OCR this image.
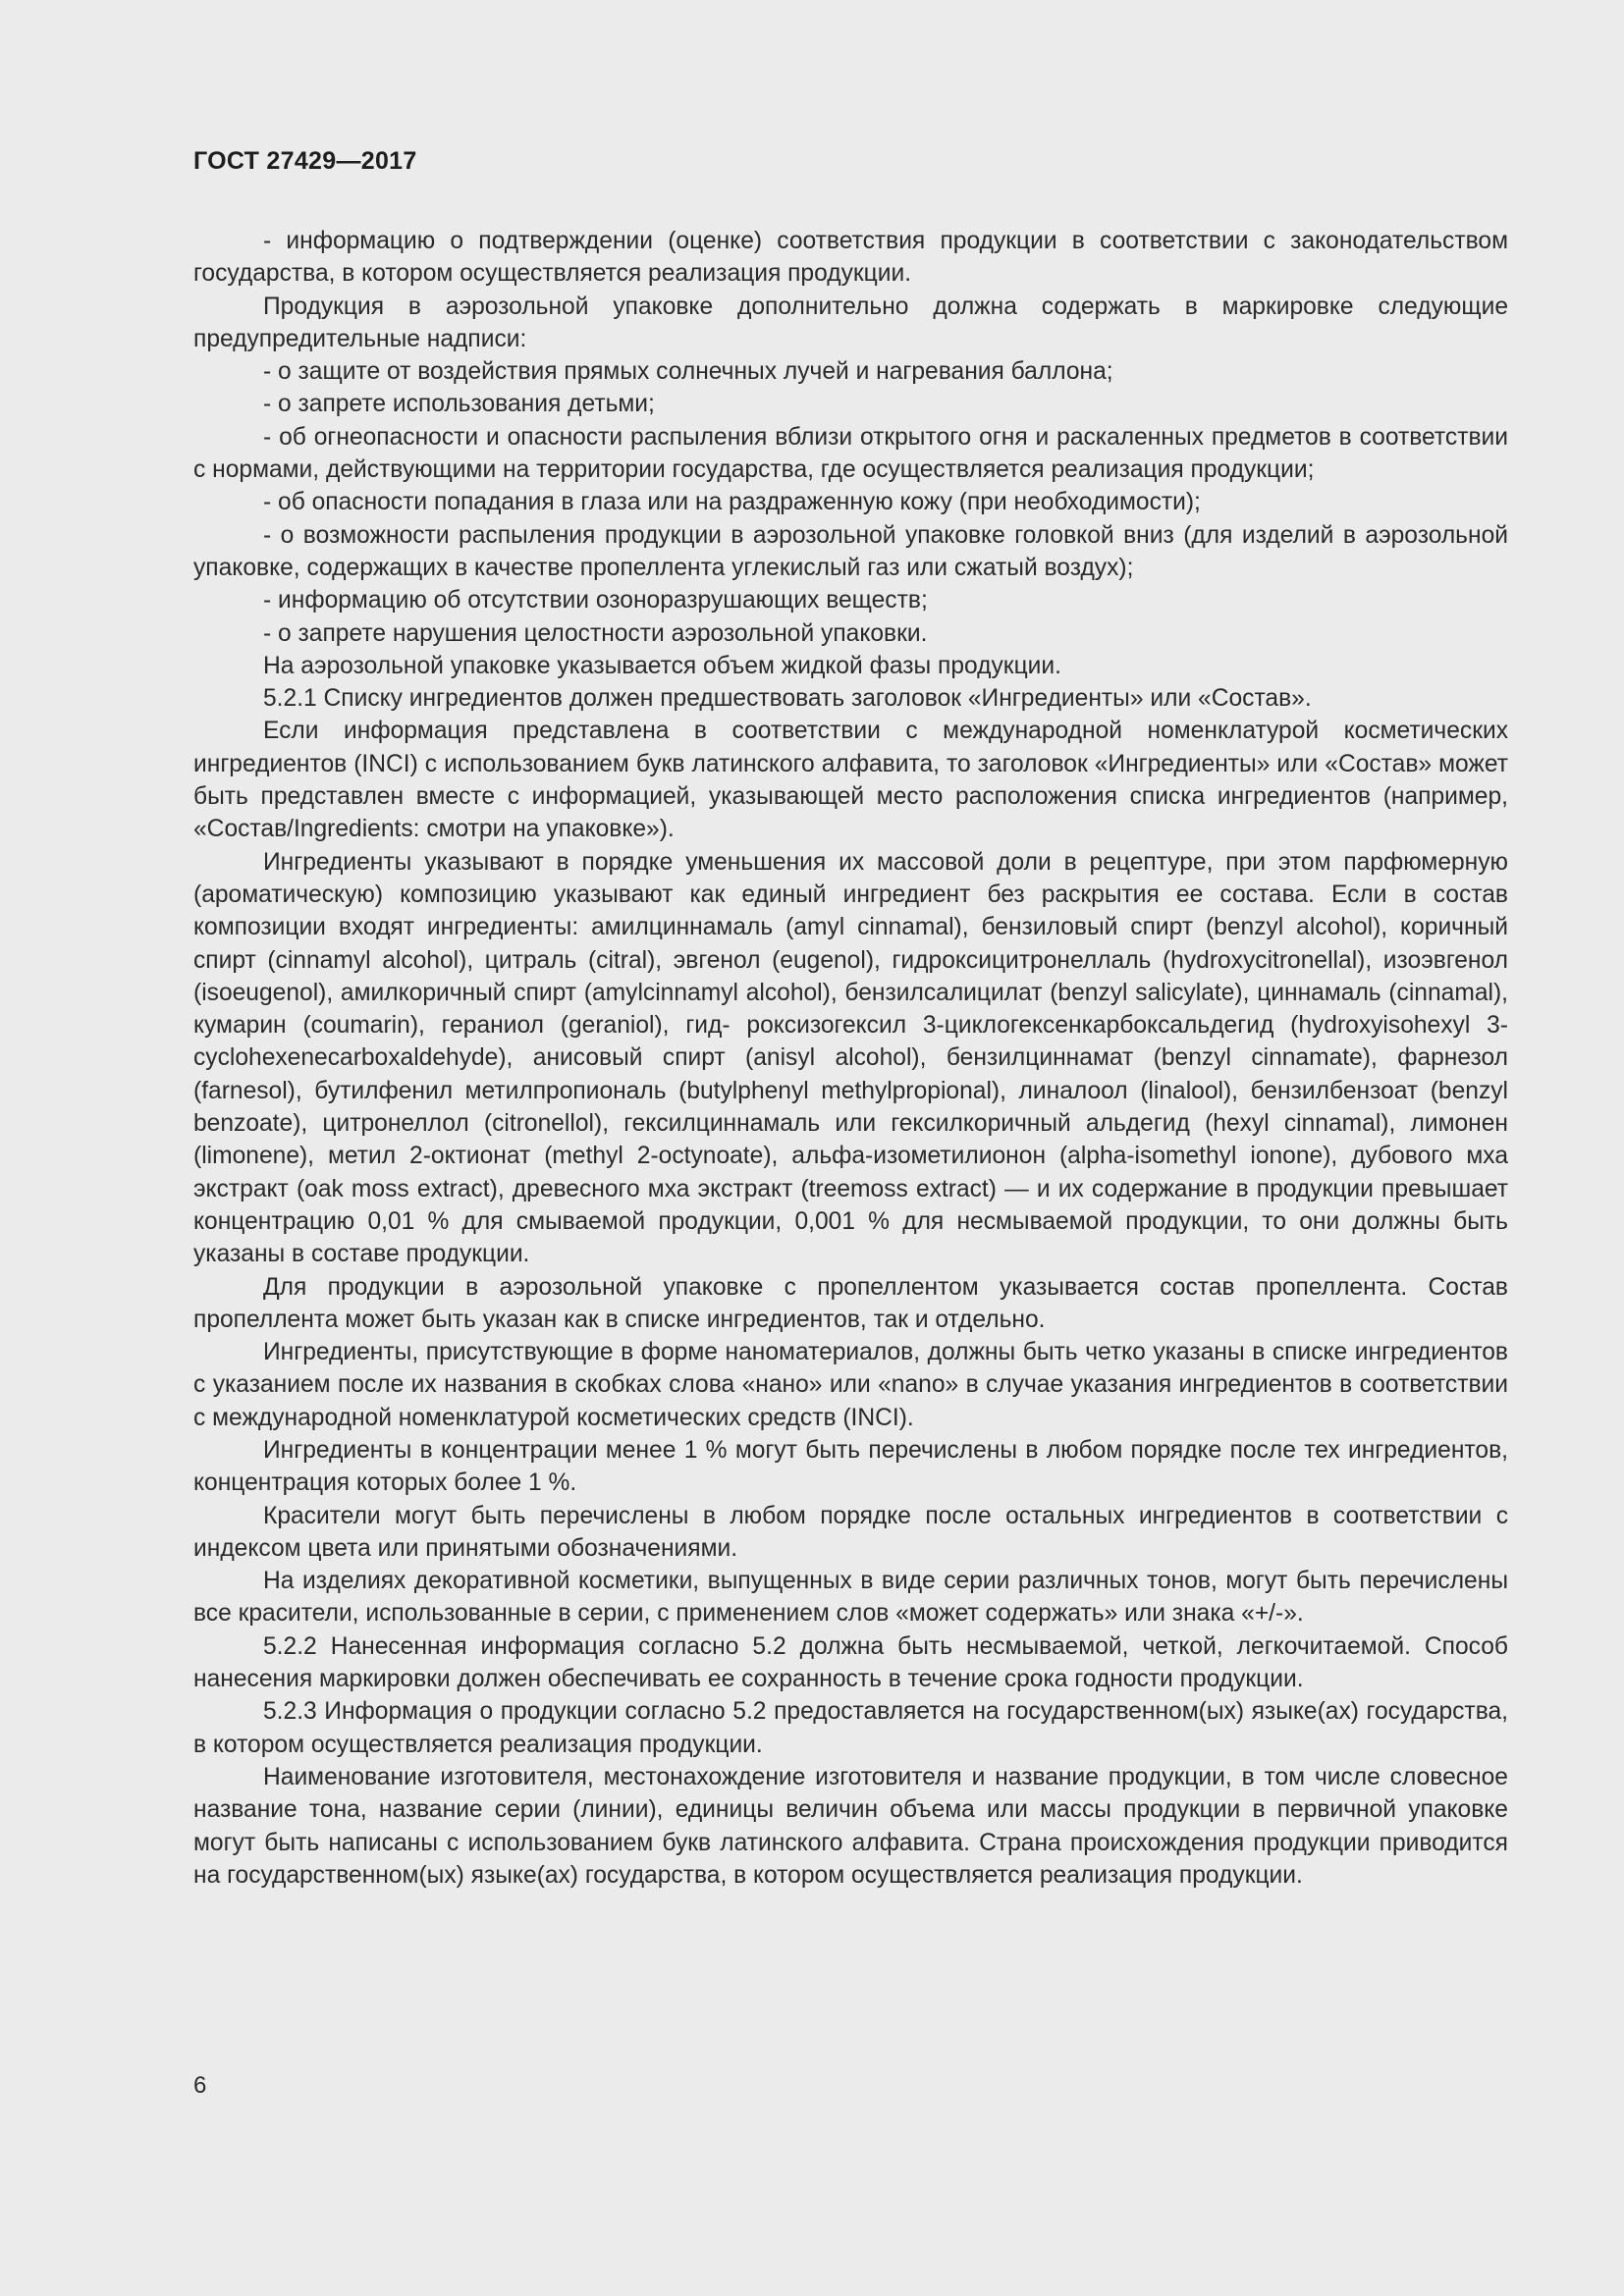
ГОСТ 27429—2017

- информацию о подтверждении (оценке) соответствия продукции в соответствии с законодательством государства, в котором осуществляется реализация продукции.

Продукция в аэрозольной упаковке дополнительно должна содержать в маркировке следующие предупредительные надписи:

- о защите от воздействия прямых солнечных лучей и нагревания баллона;

- о запрете использования детьми;

- об огнеопасности и опасности распыления вблизи открытого огня и раскаленных предметов в соответствии с нормами, действующими на территории государства, где осуществляется реализация продукции;

- об опасности попадания в глаза или на раздраженную кожу (при необходимости);

- о возможности распыления продукции в аэрозольной упаковке головкой вниз (для изделий в аэрозольной упаковке, содержащих в качестве пропеллента углекислый газ или сжатый воздух);

- информацию об отсутствии озоноразрушающих веществ;

- о запрете нарушения целостности аэрозольной упаковки.

На аэрозольной упаковке указывается объем жидкой фазы продукции.

5.2.1 Списку ингредиентов должен предшествовать заголовок «Ингредиенты» или «Состав».

Если информация представлена в соответствии с международной номенклатурой косметических ингредиентов (INCI) с использованием букв латинского алфавита, то заголовок «Ингредиенты» или «Состав» может быть представлен вместе с информацией, указывающей место расположения списка ингредиентов (например, «Состав/Ingredients: смотри на упаковке»).

Ингредиенты указывают в порядке уменьшения их массовой доли в рецептуре, при этом парфюмерную (ароматическую) композицию указывают как единый ингредиент без раскрытия ее состава. Если в состав композиции входят ингредиенты: амилциннамаль (amyl cinnamal), бензиловый спирт (benzyl alcohol), коричный спирт (cinnamyl alcohol), цитраль (citral), эвгенол (eugenol), гидроксицитронеллаль (hydroxycitronellal), изоэвгенол (isoeugenol), амилкоричный спирт (amylcinnamyl alcohol), бензилсалицилат (benzyl salicylate), циннамаль (cinnamal), кумарин (coumarin), гераниол (geraniol), гид- роксизогексил 3-циклогексенкарбоксальдегид (hydroxyisohexyl 3-cyclohexenecarboxaldehyde), анисовый спирт (anisyl alcohol), бензилциннамат (benzyl cinnamate), фарнезол (farnesol), бутилфенил метилпропиональ (butylphenyl methylpropional), линалоол (linalool), бензилбензоат (benzyl benzoate), цитронеллол (citronellol), гексилциннамаль или гексилкоричный альдегид (hexyl cinnamal), лимонен (limonene), метил 2-октионат (methyl 2-octynoate), альфа-изометилионон (alpha-isomethyl ionone), дубового мха экстракт (oak moss extract), древесного мха экстракт (treemoss extract) — и их содержание в продукции превышает концентрацию 0,01 % для смываемой продукции, 0,001 % для несмываемой продукции, то они должны быть указаны в составе продукции.

Для продукции в аэрозольной упаковке с пропеллентом указывается состав пропеллента. Состав пропеллента может быть указан как в списке ингредиентов, так и отдельно.

Ингредиенты, присутствующие в форме наноматериалов, должны быть четко указаны в списке ингредиентов с указанием после их названия в скобках слова «нано» или «nano» в случае указания ингредиентов в соответствии с международной номенклатурой косметических средств (INCI).

Ингредиенты в концентрации менее 1 % могут быть перечислены в любом порядке после тех ингредиентов, концентрация которых более 1 %.

Красители могут быть перечислены в любом порядке после остальных ингредиентов в соответствии с индексом цвета или принятыми обозначениями.

На изделиях декоративной косметики, выпущенных в виде серии различных тонов, могут быть перечислены все красители, использованные в серии, с применением слов «может содержать» или знака «+/-».

5.2.2 Нанесенная информация согласно 5.2 должна быть несмываемой, четкой, легкочитаемой. Способ нанесения маркировки должен обеспечивать ее сохранность в течение срока годности продукции.

5.2.3 Информация о продукции согласно 5.2 предоставляется на государственном(ых) языке(ах) государства, в котором осуществляется реализация продукции.

Наименование изготовителя, местонахождение изготовителя и название продукции, в том числе словесное название тона, название серии (линии), единицы величин объема или массы продукции в первичной упаковке могут быть написаны с использованием букв латинского алфавита. Страна происхождения продукции приводится на государственном(ых) языке(ах) государства, в котором осуществляется реализация продукции.

6
